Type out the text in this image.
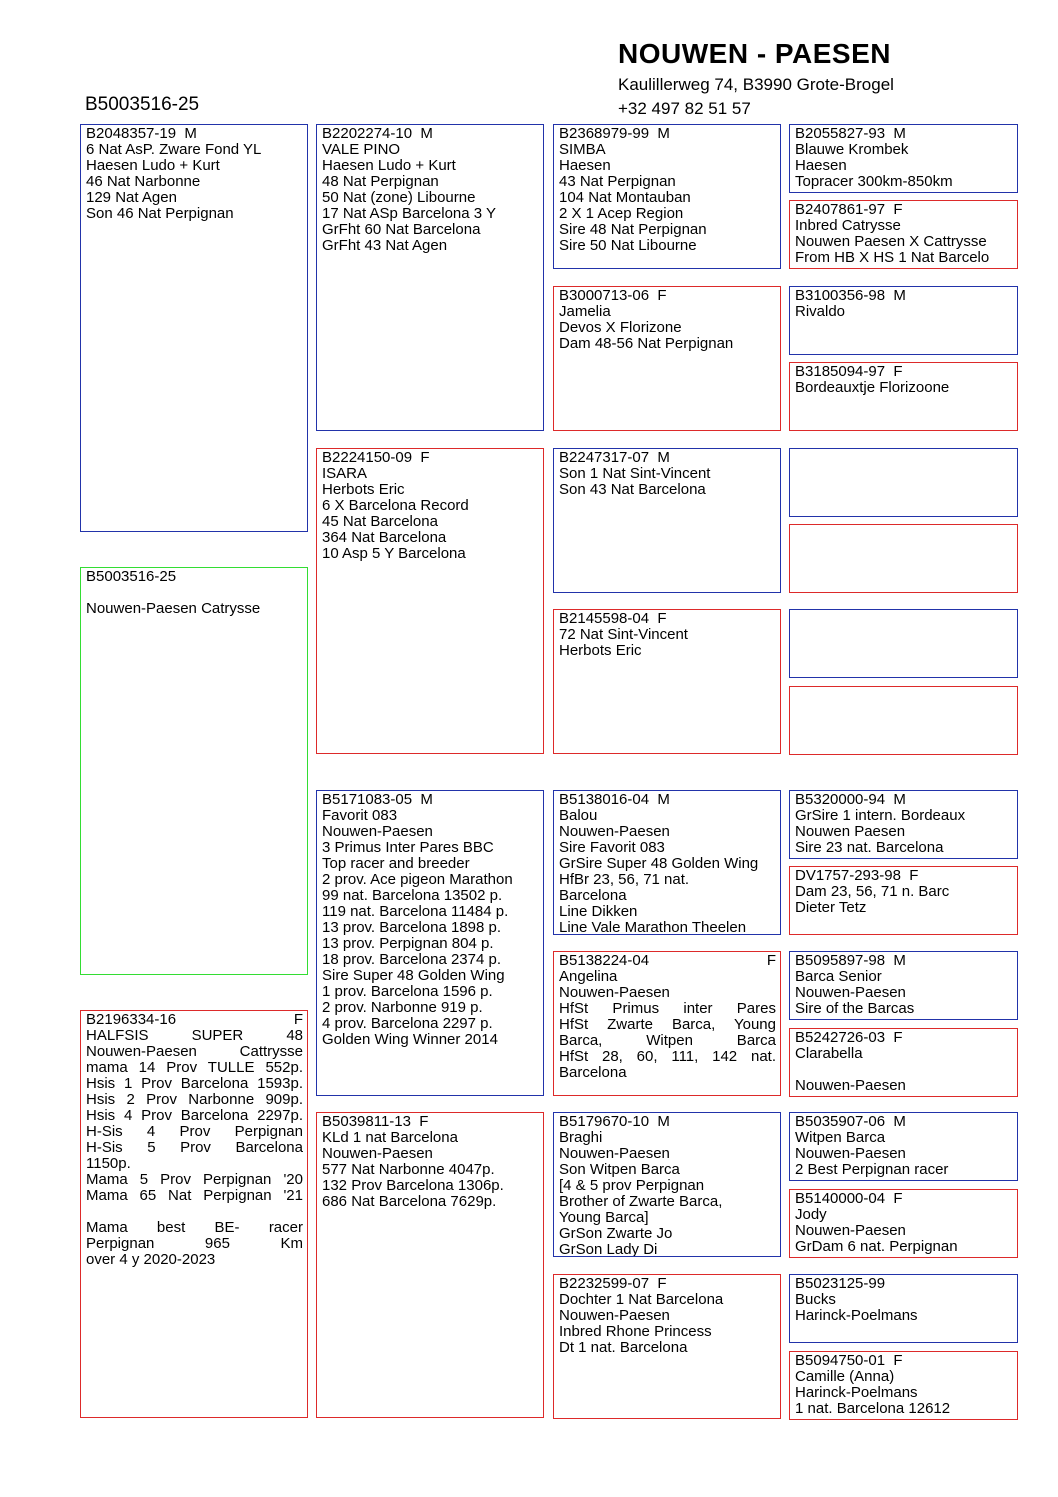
NOUWEN - PAESEN
Kaulillerweg 74, B3990 Grote-Brogel
+32 497 82 51 57
B5003516-25
B2048357-19  M
6 Nat AsP. Zware Fond YL
Haesen Ludo + Kurt
46 Nat Narbonne
129 Nat Agen
Son 46 Nat Perpignan
B5003516-25
Nouwen-Paesen Catrysse
B2196334-16 F
HALFSIS SUPER 48
Nouwen-Paesen Cattrysse
mama 14 Prov TULLE 552p.
Hsis 1 Prov Barcelona 1593p.
Hsis 2 Prov Narbonne 909p.
Hsis 4 Prov Barcelona 2297p.
H-Sis 4 Prov Perpignan
H-Sis 5 Prov Barcelona
1150p.
Mama 5 Prov Perpignan '20
Mama 65 Nat Perpignan '21
Mama best BE- racer
Perpignan 965 Km
over 4 y 2020-2023
B2202274-10  M
VALE PINO
Haesen Ludo + Kurt
48 Nat Perpignan
50 Nat (zone) Libourne
17 Nat ASp Barcelona 3 Y
GrFht 60 Nat Barcelona
GrFht 43 Nat Agen
B2224150-09  F
ISARA
Herbots Eric
6 X Barcelona Record
45 Nat Barcelona
364 Nat Barcelona
10 Asp 5 Y Barcelona
B5171083-05  M
Favorit 083
Nouwen-Paesen
3 Primus Inter Pares BBC
Top racer and breeder
2 prov. Ace pigeon Marathon
99 nat. Barcelona 13502 p.
119 nat. Barcelona 11484 p.
13 prov. Barcelona 1898 p.
13 prov. Perpignan 804 p.
18 prov. Barcelona 2374 p.
Sire Super 48 Golden Wing
1 prov. Barcelona 1596 p.
2 prov. Narbonne 919 p.
4 prov. Barcelona 2297 p.
Golden Wing Winner 2014
B5039811-13  F
KLd 1 nat Barcelona
Nouwen-Paesen
577 Nat Narbonne 4047p.
132 Prov Barcelona 1306p.
686 Nat Barcelona 7629p.
B2368979-99  M
SIMBA
Haesen
43 Nat Perpignan
104 Nat Montauban
2 X 1 Acep Region
Sire 48 Nat Perpignan
Sire 50 Nat Libourne
B3000713-06  F
Jamelia
Devos X Florizone
Dam 48-56 Nat Perpignan
B2247317-07  M
Son 1 Nat Sint-Vincent
Son 43 Nat Barcelona
B2145598-04  F
72 Nat Sint-Vincent
Herbots Eric
B5138016-04  M
Balou
Nouwen-Paesen
Sire Favorit 083
GrSire Super 48 Golden Wing
HfBr 23, 56, 71 nat.
Barcelona
Line Dikken
Line Vale Marathon Theelen
B5138224-04 F
Angelina
Nouwen-Paesen
HfSt Primus inter Pares
HfSt Zwarte Barca, Young
Barca, Witpen Barca
HfSt 28, 60, 111, 142 nat.
Barcelona
B5179670-10  M
Braghi
Nouwen-Paesen
Son Witpen Barca
[4 & 5 prov Perpignan
Brother of Zwarte Barca,
Young Barca]
GrSon Zwarte Jo
GrSon Lady Di
B2232599-07  F
Dochter 1 Nat Barcelona
Nouwen-Paesen
Inbred Rhone Princess
Dt 1 nat. Barcelona
B2055827-93  M
Blauwe Krombek
Haesen
Topracer 300km-850km
B2407861-97  F
Inbred Catrysse
Nouwen Paesen X Cattrysse
From HB X HS 1 Nat Barcelo
B3100356-98  M
Rivaldo
B3185094-97  F
Bordeauxtje Florizoone
B5320000-94  M
GrSire 1 intern. Bordeaux
Nouwen Paesen
Sire 23 nat. Barcelona
DV1757-293-98  F
Dam 23, 56, 71 n. Barc
Dieter Tetz
B5095897-98  M
Barca Senior
Nouwen-Paesen
Sire of the Barcas
B5242726-03  F
Clarabella
Nouwen-Paesen
B5035907-06  M
Witpen Barca
Nouwen-Paesen
2 Best Perpignan racer
B5140000-04  F
Jody
Nouwen-Paesen
GrDam 6 nat. Perpignan
B5023125-99
Bucks
Harinck-Poelmans
B5094750-01  F
Camille (Anna)
Harinck-Poelmans
1 nat. Barcelona 12612
